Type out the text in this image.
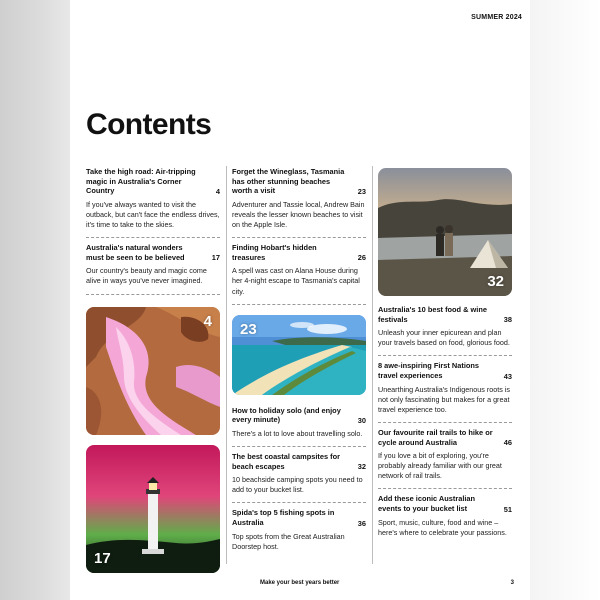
SUMMER 2024
Contents
Take the high road: Air-tripping magic in Australia's Corner Country	4
If you've always wanted to visit the outback, but can't face the endless drives, it's time to take to the skies.
Australia's natural wonders must be seen to be believed	17
Our country's beauty and magic come alive in ways you've never imagined.
4
17
Forget the Wineglass, Tasmania has other stunning beaches worth a visit	23
Adventurer and Tassie local, Andrew Bain reveals the lesser known beaches to visit on the Apple Isle.
Finding Hobart's hidden treasures	26
A spell was cast on Alana House during her 4-night escape to Tasmania's capital city.
23
How to holiday solo (and enjoy every minute)	30
There's a lot to love about travelling solo.
The best coastal campsites for beach escapes	32
10 beachside camping spots you need to add to your bucket list.
Spida's top 5 fishing spots in Australia	36
Top spots from the Great Australian Doorstep host.
32
Australia's 10 best food & wine festivals	38
Unleash your inner epicurean and plan your travels based on food, glorious food.
8 awe-inspiring First Nations travel experiences	43
Unearthing Australia's Indigenous roots is not only fascinating but makes for a great travel experience too.
Our favourite rail trails to hike or cycle around Australia	46
If you love a bit of exploring, you're probably already familiar with our great network of rail trails.
Add these iconic Australian events to your bucket list	51
Sport, music, culture, food and wine – here's where to celebrate your passions.
Make your best years better	3
